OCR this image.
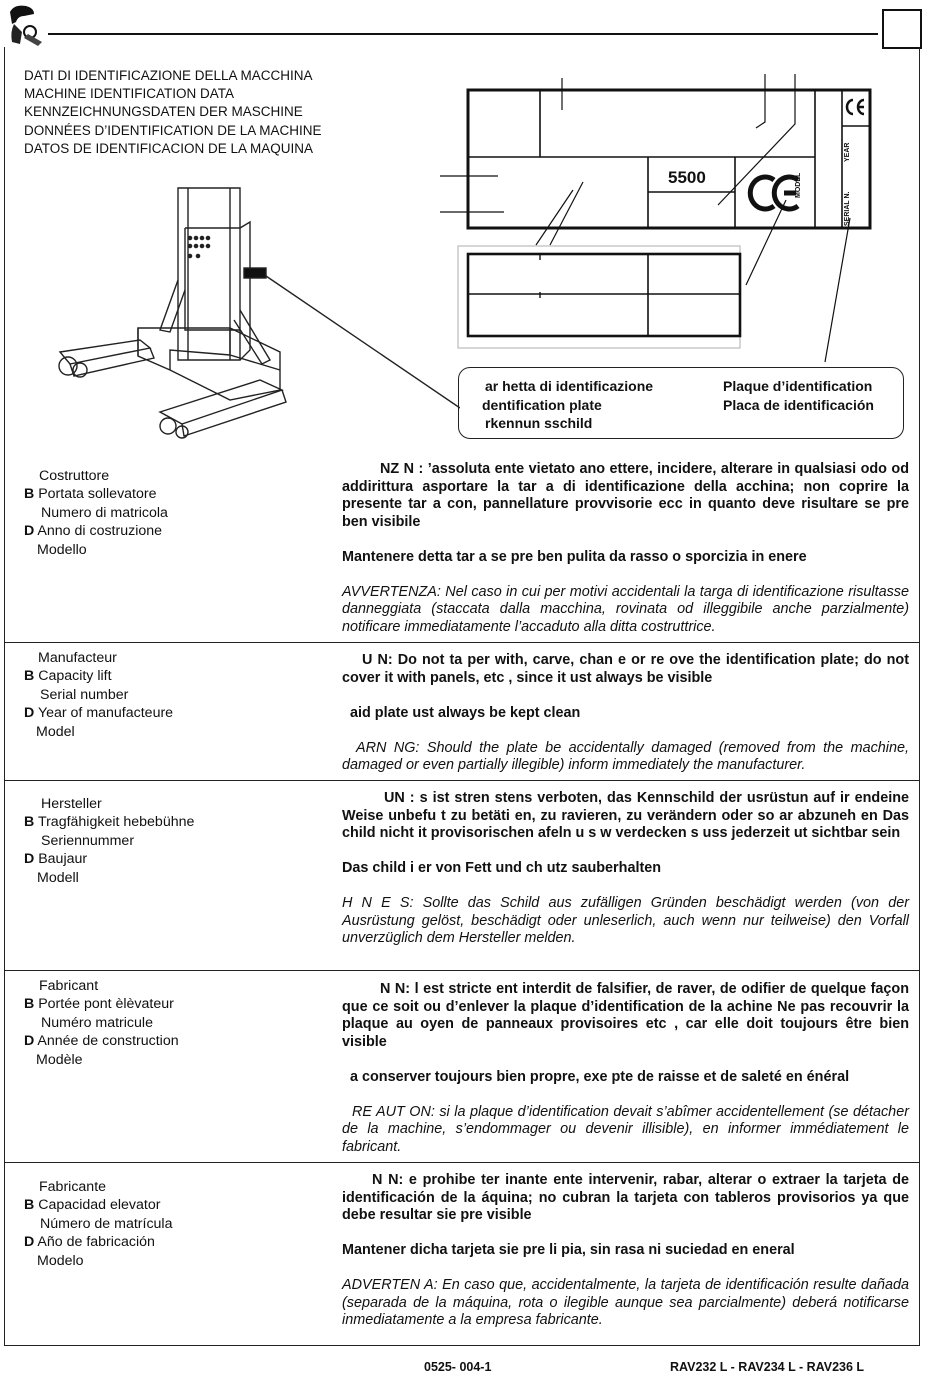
DATI DI IDENTIFICAZIONE DELLA MACCHINA
MACHINE IDENTIFICATION DATA
KENNZEICHNUNGSDATEN DER MASCHINE
DONNÉES D’IDENTIFICATION DE LA MACHINE
DATOS DE IDENTIFICACION DE LA MAQUINA
5500	MODEL
SERIAL N.
YEAR
ar hetta di identificazione
dentification plate
rkennun sschild
Plaque d’identification
Placa de identificación
Costruttore
B Portata sollevatore
Numero di matricola
D Anno di costruzione
Modello

NZ N : ’assoluta ente vietato ano ettere, incidere, alterare in qualsiasi odo od addirittura asportare la tar a di identificazione della acchina; non coprire la presente tar a con, pannellature provvisorie ecc in quanto deve risultare se pre ben visibile

Mantenere detta tar a se pre ben pulita da rasso o sporcizia in enere

AVVERTENZA: Nel caso in cui per motivi accidentali la targa di identificazione risultasse danneggiata (staccata dalla macchina, rovinata od illeggibile anche parzialmente) notificare immediatamente l’accaduto alla ditta costruttrice.

Manufacteur
B Capacity lift
Serial number
D Year of manufacteure
Model

U N: Do not ta per with, carve, chan e or re ove the identification plate; do not cover it with panels, etc , since it ust always be visible

aid plate ust always be kept clean

ARN NG: Should the plate be accidentally damaged (removed from the machine, damaged or even partially illegible) inform immediately the manufacturer.

Hersteller
B Tragfähigkeit hebebühne
Seriennummer
D Baujaur
Modell

UN : s ist stren stens verboten, das Kennschild der usrüstun auf ir endeine Weise unbefu t zu betäti en, zu ravieren, zu verändern oder so ar abzuneh en Das child nicht it provisorischen afeln u s w verdecken s uss jederzeit ut sichtbar sein

Das child i er von Fett und ch utz sauberhalten

H N E S: Sollte das Schild aus zufälligen Gründen beschädigt werden (von der Ausrüstung gelöst, beschädigt oder unleserlich, auch wenn nur teilweise) den Vorfall unverzüglich dem Hersteller melden.

Fabricant
B Portée pont èlèvateur
Numéro matricule
D Année de construction
Modèle

N N: l est stricte ent interdit de falsifier, de raver, de odifier de quelque façon que ce soit ou d’enlever la plaque d’identification de la achine Ne pas recouvrir la plaque au oyen de panneaux provisoires etc , car elle doit toujours être bien visible

a conserver toujours bien propre, exe pte de raisse et de saleté en énéral

RE AUT ON: si la plaque d’identification devait s’abîmer accidentellement (se détacher de la machine, s’endommager ou devenir illisible), en informer immédiatement le fabricant.

Fabricante
B Capacidad elevator
Número de matrícula
D Año de fabricación
Modelo

N N: e prohibe ter inante ente intervenir, rabar, alterar o extraer la tarjeta de identificación de la áquina; no cubran la tarjeta con tableros provisorios ya que debe resultar sie pre visible

Mantener dicha tarjeta sie pre li pia, sin rasa ni suciedad en eneral

ADVERTEN A: En caso que, accidentalmente, la tarjeta de identificación resulte dañada (separada de la máquina, rota o ilegible aunque sea parcialmente) deberá notificarse inmediatamente a la empresa fabricante.

0525- 004-1	RAV232 L - RAV234 L - RAV236 L
